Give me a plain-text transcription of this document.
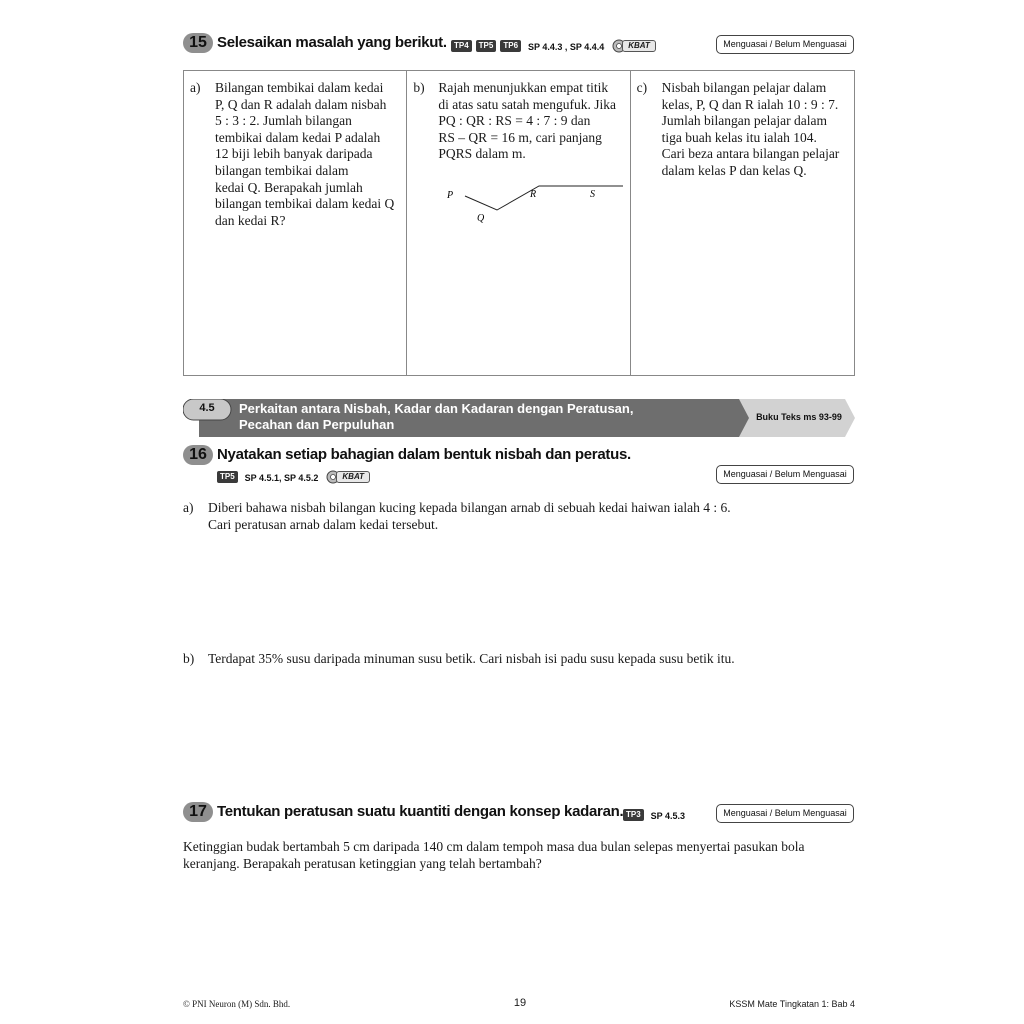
15 Selesaikan masalah yang berikut. TP4 TP5 TP6 SP 4.4.3 , SP 4.4.4	KBAT	Menguasai / Belum Menguasai
a)	Bilangan tembikai dalam kedai
P, Q dan R adalah dalam nisbah
5 : 3 : 2. Jumlah bilangan
tembikai dalam kedai P adalah
12 biji lebih banyak daripada
bilangan tembikai dalam
kedai Q. Berapakah jumlah
bilangan tembikai dalam kedai Q
dan kedai R?
b)	Rajah menunjukkan empat titik
di atas satu satah mengufuk. Jika
PQ : QR : RS = 4 : 7 : 9 dan
RS – QR = 16 m, cari panjang
PQRS dalam m.
P
Q
R	S
c)	Nisbah bilangan pelajar dalam
kelas, P, Q dan R ialah 10 : 9 : 7.
Jumlah bilangan pelajar dalam
tiga buah kelas itu ialah 104.
Cari beza antara bilangan pelajar
dalam kelas P dan kelas Q.
4.5	Perkaitan antara Nisbah, Kadar dan Kadaran dengan Peratusan,
Pecahan dan Perpuluhan	Buku Teks ms 93-99
16 Nyatakan setiap bahagian dalam bentuk nisbah dan peratus.
TP5 SP 4.5.1, SP 4.5.2	KBAT	Menguasai / Belum Menguasai
a) Diberi bahawa nisbah bilangan kucing kepada bilangan arnab di sebuah kedai haiwan ialah 4 : 6.
Cari peratusan arnab dalam kedai tersebut.
b) Terdapat 35% susu daripada minuman susu betik. Cari nisbah isi padu susu kepada susu betik itu.
17 Tentukan peratusan suatu kuantiti dengan konsep kadaran. TP3 SP 4.5.3	Menguasai / Belum Menguasai
Ketinggian budak bertambah 5 cm daripada 140 cm dalam tempoh masa dua bulan selepas menyertai pasukan bola
keranjang. Berapakah peratusan ketinggian yang telah bertambah?
© PNI Neuron (M) Sdn. Bhd.	19	KSSM Mate Tingkatan 1: Bab 4
